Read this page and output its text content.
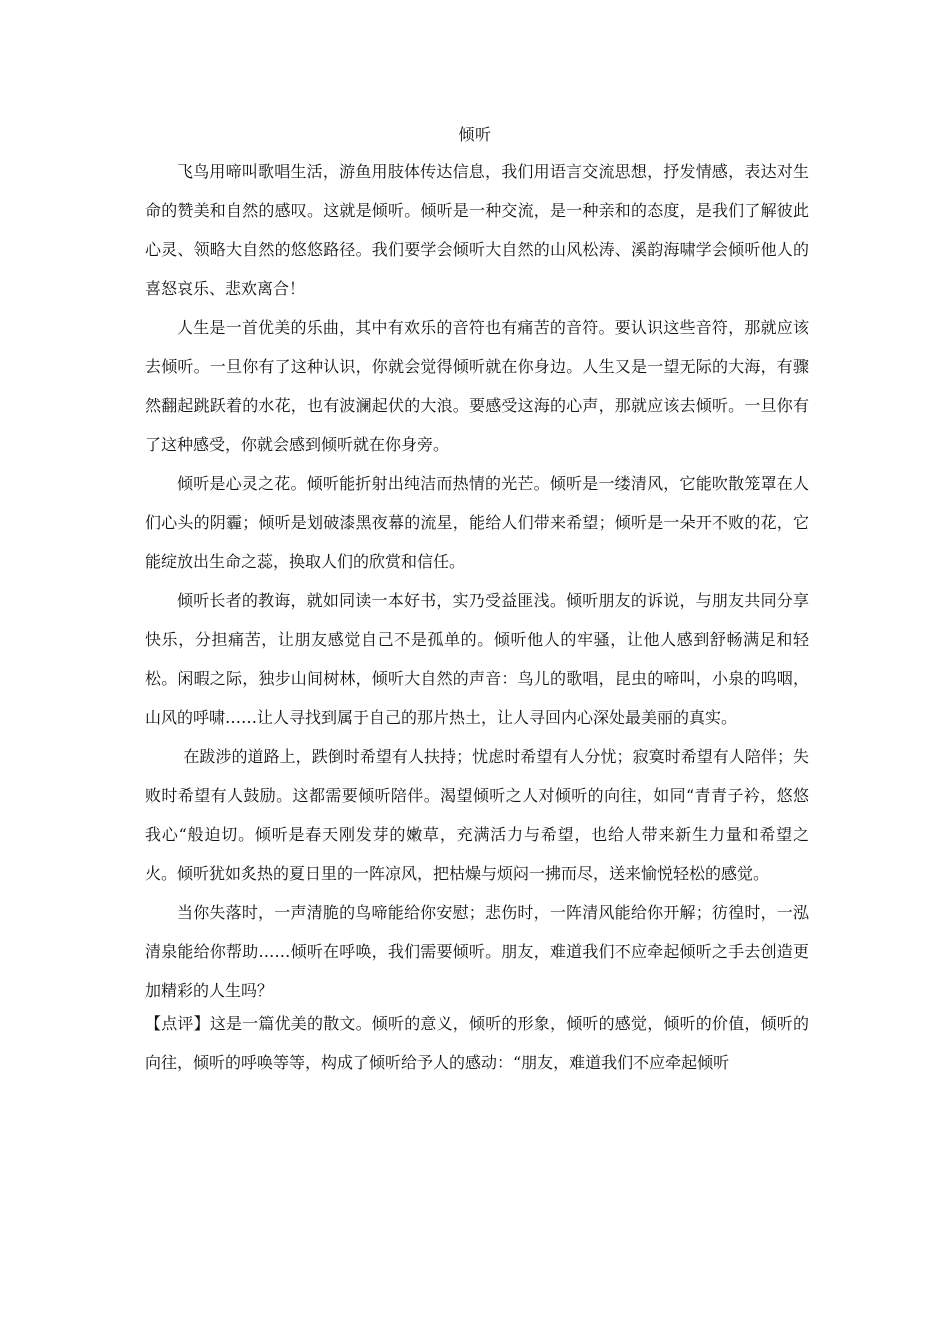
倾听

飞鸟用啼叫歌唱生活，游鱼用肢体传达信息，我们用语言交流思想，抒发情感，表达对生命的赞美和自然的感叹。这就是倾听。倾听是一种交流，是一种亲和的态度，是我们了解彼此心灵、领略大自然的悠悠路径。我们要学会倾听大自然的山风松涛、溪韵海啸学会倾听他人的喜怒哀乐、悲欢离合！

人生是一首优美的乐曲，其中有欢乐的音符也有痛苦的音符。要认识这些音符，那就应该去倾听。一旦你有了这种认识，你就会觉得倾听就在你身边。人生又是一望无际的大海，有骤然翻起跳跃着的水花，也有波澜起伏的大浪。要感受这海的心声，那就应该去倾听。一旦你有了这种感受，你就会感到倾听就在你身旁。

倾听是心灵之花。倾听能折射出纯洁而热情的光芒。倾听是一缕清风，它能吹散笼罩在人们心头的阴霾；倾听是划破漆黑夜幕的流星，能给人们带来希望；倾听是一朵开不败的花，它能绽放出生命之蕊，换取人们的欣赏和信任。

倾听长者的教诲，就如同读一本好书，实乃受益匪浅。倾听朋友的诉说，与朋友共同分享快乐，分担痛苦，让朋友感觉自己不是孤单的。倾听他人的牢骚，让他人感到舒畅满足和轻松。闲暇之际，独步山间树林，倾听大自然的声音：鸟儿的歌唱，昆虫的啼叫，小泉的呜咽，山风的呼啸……让人寻找到属于自己的那片热土，让人寻回内心深处最美丽的真实。

在跋涉的道路上，跌倒时希望有人扶持；忧虑时希望有人分忧；寂寞时希望有人陪伴；失败时希望有人鼓励。这都需要倾听陪伴。渴望倾听之人对倾听的向往，如同“青青子衿，悠悠我心“般迫切。倾听是春天刚发芽的嫩草，充满活力与希望，也给人带来新生力量和希望之火。倾听犹如炙热的夏日里的一阵凉风，把枯燥与烦闷一拂而尽，送来愉悦轻松的感觉。

当你失落时，一声清脆的鸟啼能给你安慰；悲伤时，一阵清风能给你开解；彷徨时，一泓清泉能给你帮助……倾听在呼唤，我们需要倾听。朋友，难道我们不应牵起倾听之手去创造更加精彩的人生吗？

【点评】这是一篇优美的散文。倾听的意义，倾听的形象，倾听的感觉，倾听的价值，倾听的向往，倾听的呼唤等等，构成了倾听给予人的感动：“朋友，难道我们不应牵起倾听
